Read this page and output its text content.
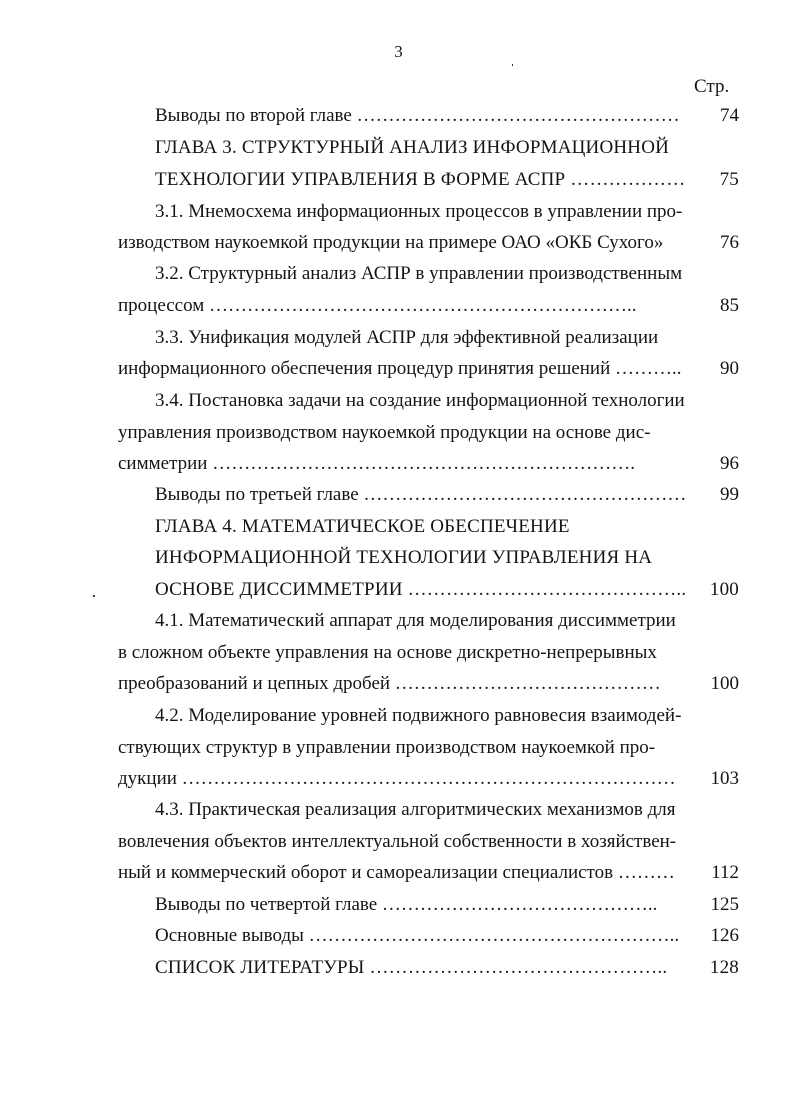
3
Стр.
Выводы по второй главе …………………………………………… 74
ГЛАВА 3. СТРУКТУРНЫЙ АНАЛИЗ ИНФОРМАЦИОННОЙ
ТЕХНОЛОГИИ УПРАВЛЕНИЯ В ФОРМЕ АСПР ……………… 75
3.1. Мнемосхема информационных процессов в управлении про-
изводством наукоемкой продукции на примере ОАО «ОКБ Сухого»	76
3.2. Структурный анализ АСПР в управлении производственным
процессом …………………………………………………………..	85
3.3. Унификация модулей АСПР для эффективной реализации
информационного обеспечения процедур принятия решений ……….. 90
3.4. Постановка задачи на создание информационной технологии
управления производством наукоемкой продукции на основе дис-
симметрии ………………………………………………………….	96
Выводы по третьей главе …………………………………………… 99
ГЛАВА 4. МАТЕМАТИЧЕСКОЕ ОБЕСПЕЧЕНИЕ
ИНФОРМАЦИОННОЙ ТЕХНОЛОГИИ УПРАВЛЕНИЯ НА
ОСНОВЕ ДИССИММЕТРИИ …………………………………….. 100
4.1. Математический аппарат для моделирования диссимметрии
в сложном объекте управления на основе дискретно-непрерывных
преобразований и цепных дробей ……………………………………	100
4.2. Моделирование уровней подвижного равновесия взаимодей-
ствующих структур в управлении производством наукоемкой про-
дукции …………………………………………………………………… 103
4.3. Практическая реализация алгоритмических механизмов для
вовлечения объектов интеллектуальной собственности в хозяйствен-
ный и коммерческий оборот и самореализации специалистов ……… 112
Выводы по четвертой главе ……………………………………..	125
Основные выводы ………………………………………………….. 126
СПИСОК ЛИТЕРАТУРЫ ……………………………………….. 128
